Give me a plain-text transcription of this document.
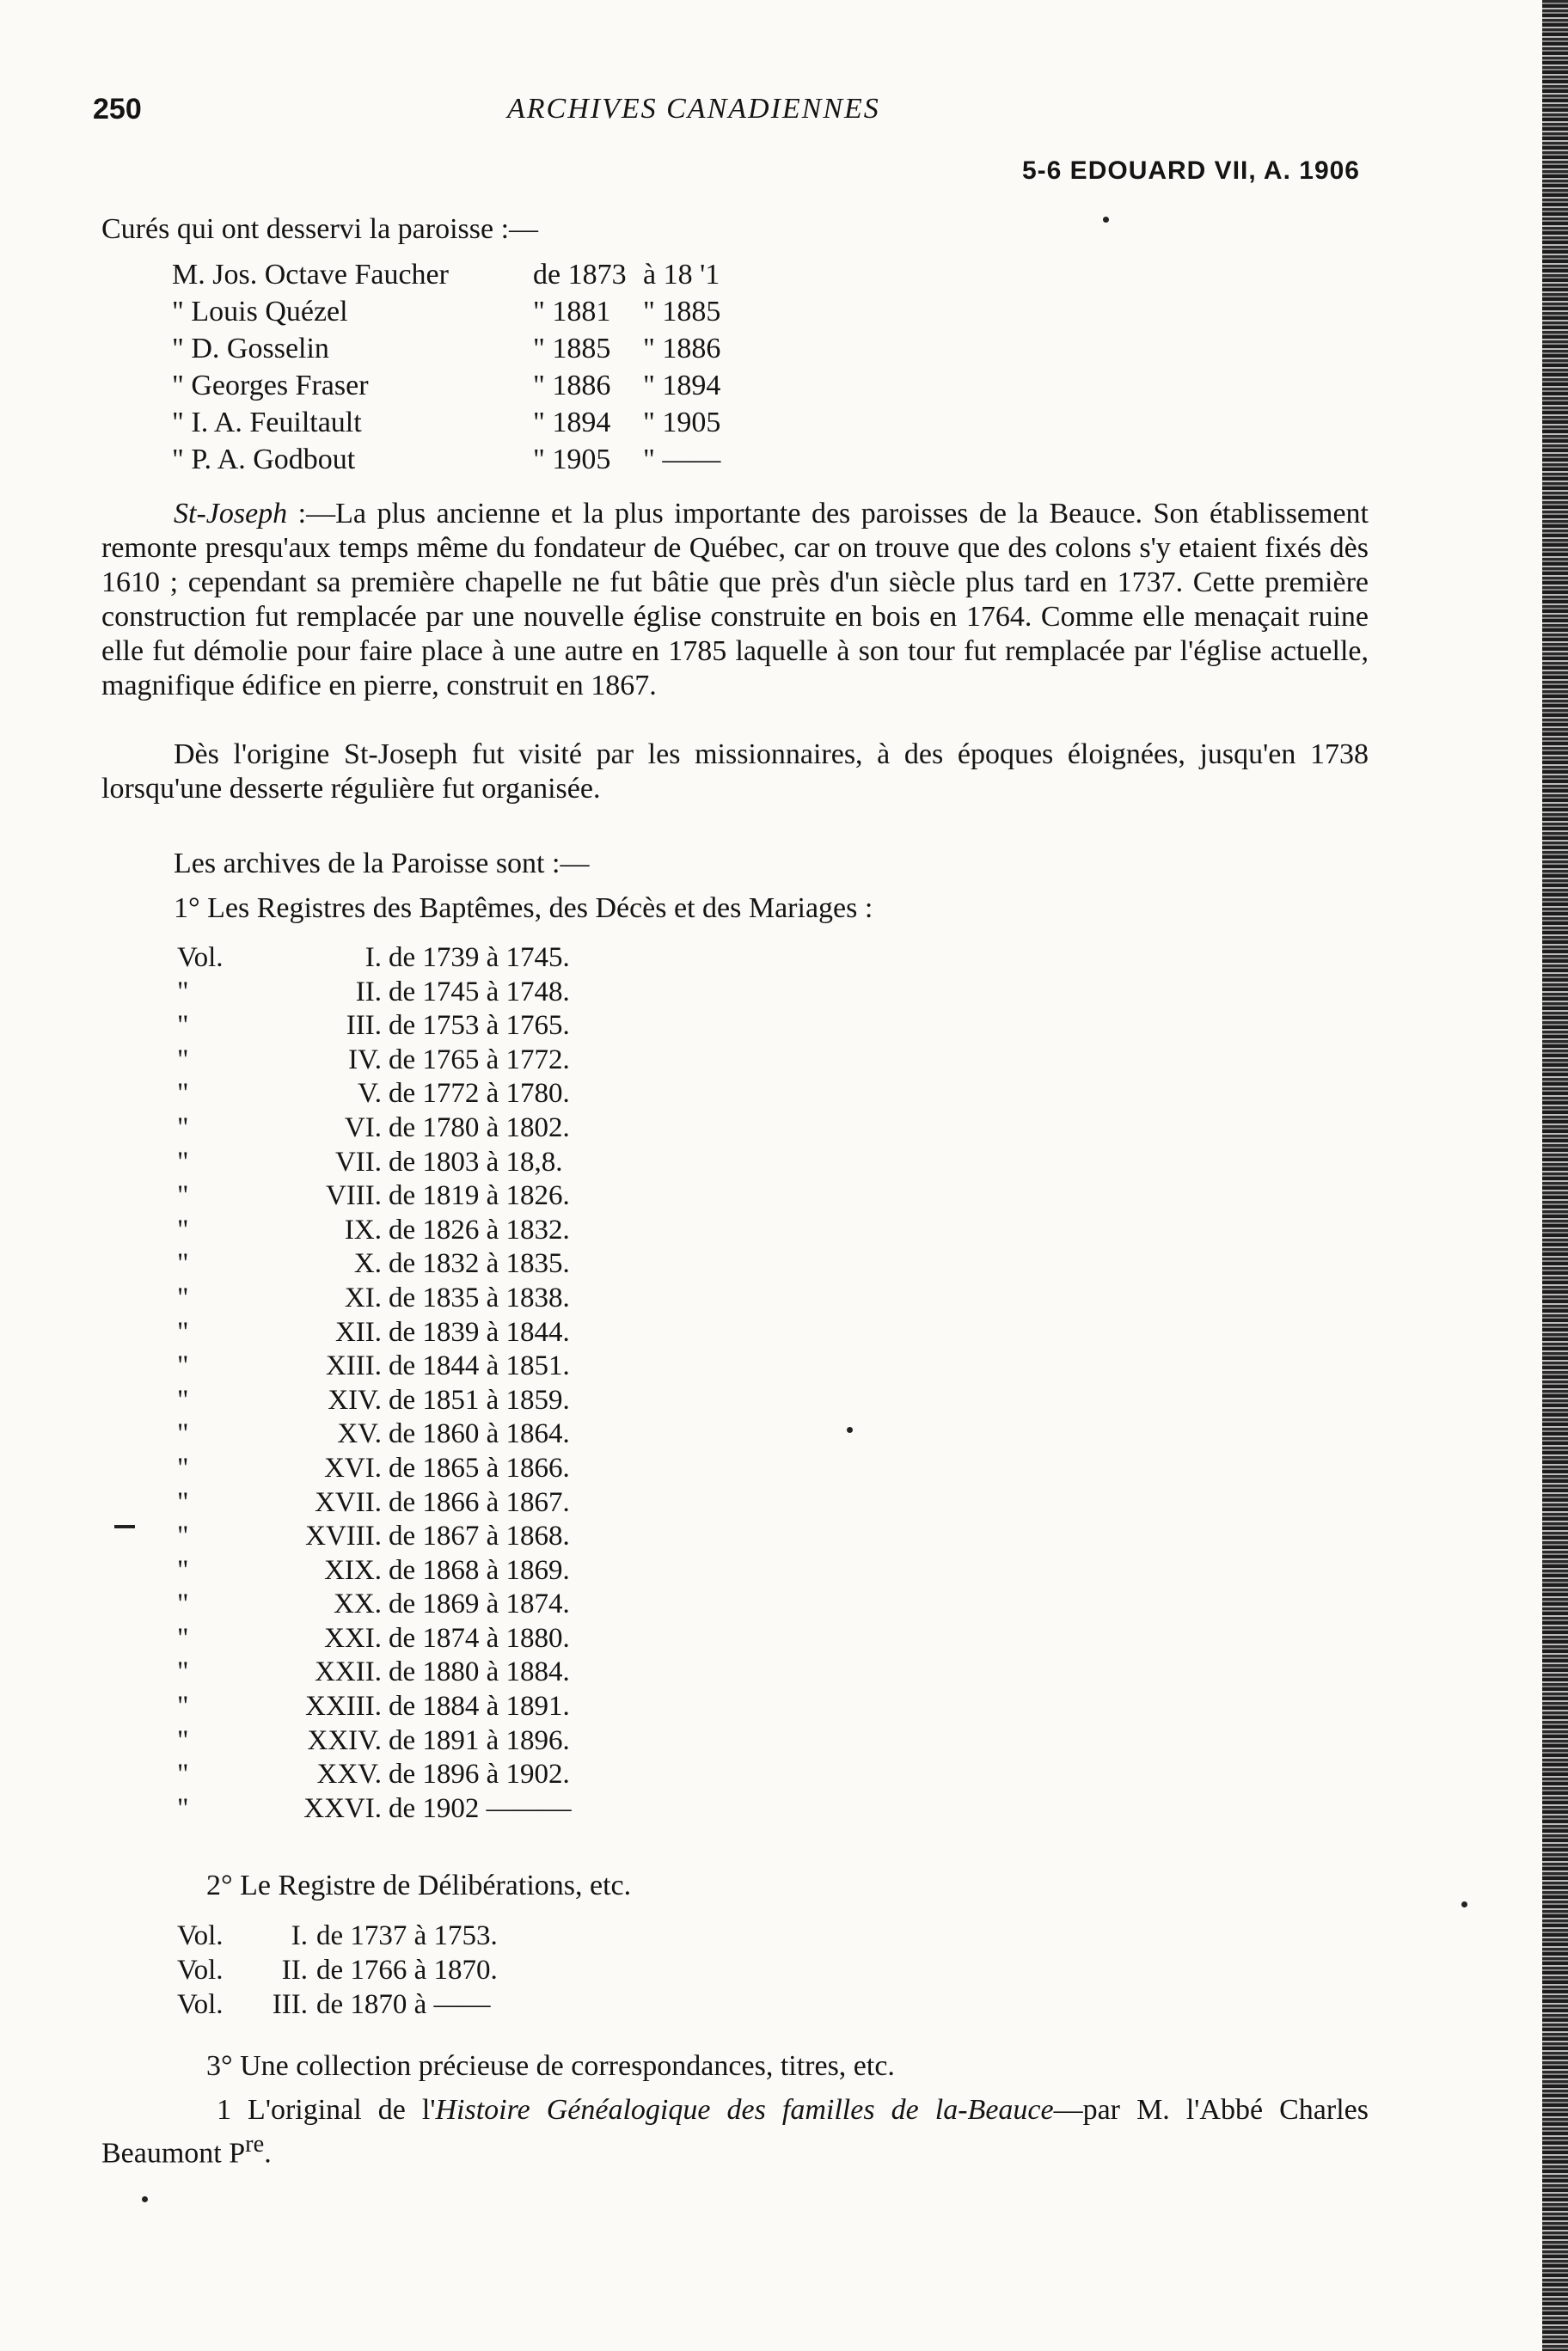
250	ARCHIVES CANADIENNES
5-6 EDOUARD VII, A. 1906
Curés qui ont desservi la paroisse :—
M. Jos. Octave Faucher	de 1873	à 18 '1
" Louis Quézel	" 1881	" 1885
" D. Gosselin	" 1885	" 1886
" Georges Fraser	" 1886	" 1894
" I. A. Feuiltault	" 1894	" 1905
" P. A. Godbout	" 1905	" ——
St-Joseph :—La plus ancienne et la plus importante des paroisses de la Beauce. Son établissement remonte presqu'aux temps même du fondateur de Québec, car on trouve que des colons s'y etaient fixés dès 1610 ; cependant sa première chapelle ne fut bâtie que près d'un siècle plus tard en 1737. Cette première construction fut remplacée par une nouvelle église construite en bois en 1764. Comme elle menaçait ruine elle fut démolie pour faire place à une autre en 1785 laquelle à son tour fut remplacée par l'église actuelle, magnifique édifice en pierre, construit en 1867.
Dès l'origine St-Joseph fut visité par les missionnaires, à des époques éloignées, jusqu'en 1738 lorsqu'une desserte régulière fut organisée.
Les archives de la Paroisse sont :—
1° Les Registres des Baptêmes, des Décès et des Mariages :
Vol.	I. de 1739 à 1745.
"	II. de 1745 à 1748.
"	III. de 1753 à 1765.
"	IV. de 1765 à 1772.
"	V. de 1772 à 1780.
"	VI. de 1780 à 1802.
"	VII. de 1803 à 18,8.
"	VIII. de 1819 à 1826.
"	IX. de 1826 à 1832.
"	X. de 1832 à 1835.
"	XI. de 1835 à 1838.
"	XII. de 1839 à 1844.
"	XIII. de 1844 à 1851.
"	XIV. de 1851 à 1859.
"	XV. de 1860 à 1864.
"	XVI. de 1865 à 1866.
"	XVII. de 1866 à 1867.
"	XVIII. de 1867 à 1868.
"	XIX. de 1868 à 1869.
"	XX. de 1869 à 1874.
"	XXI. de 1874 à 1880.
"	XXII. de 1880 à 1884.
"	XXIII. de 1884 à 1891.
"	XXIV. de 1891 à 1896.
"	XXV. de 1896 à 1902.
"	XXVI. de 1902 ———
2° Le Registre de Délibérations, etc.
Vol.	I. de 1737 à 1753.
Vol.	II. de 1766 à 1870.
Vol.	III. de 1870 à ——
3° Une collection précieuse de correspondances, titres, etc.
1 L'original de l'Histoire Généalogique des familles de la-Beauce—par M. l'Abbé Charles Beaumont $P^{re}$.
